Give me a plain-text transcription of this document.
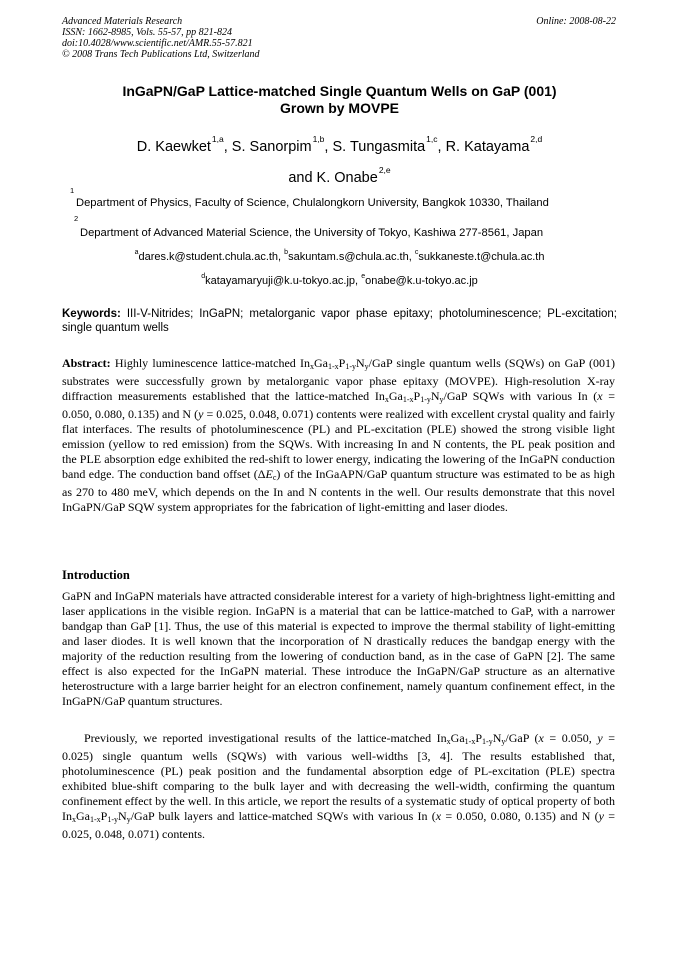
Advanced Materials Research
ISSN: 1662-8985, Vols. 55-57, pp 821-824
doi:10.4028/www.scientific.net/AMR.55-57.821
© 2008 Trans Tech Publications Ltd, Switzerland
Online: 2008-08-22
InGaPN/GaP Lattice-matched Single Quantum Wells on GaP (001)
Grown by MOVPE
D. Kaewket$^{1,a}$, S. Sanorpim$^{1,b}$, S. Tungasmita$^{1,c}$, R. Katayama$^{2,d}$
and K. Onabe$^{2,e}$
1
Department of Physics, Faculty of Science, Chulalongkorn University, Bangkok 10330, Thailand
2
Department of Advanced Material Science, the University of Tokyo, Kashiwa 277-8561, Japan
$^a$dares.k@student.chula.ac.th, $^b$sakuntam.s@chula.ac.th, $^c$sukkaneste.t@chula.ac.th
$^d$katayamaryuji@k.u-tokyo.ac.jp, $^e$onabe@k.u-tokyo.ac.jp
Keywords: III-V-Nitrides; InGaPN; metalorganic vapor phase epitaxy; photoluminescence; PL-excitation; single quantum wells
Abstract: Highly luminescence lattice-matched $In_xGa_{1-x}P_{1-y}N_y$/GaP single quantum wells (SQWs) on GaP (001) substrates were successfully grown by metalorganic vapor phase epitaxy (MOVPE). High-resolution X-ray diffraction measurements established that the lattice-matched $In_xGa_{1-x}P_{1-y}N_y$/GaP SQWs with various In (x = 0.050, 0.080, 0.135) and N (y = 0.025, 0.048, 0.071) contents were realized with excellent crystal quality and fairly flat interfaces. The results of photoluminescence (PL) and PL-excitation (PLE) showed the strong visible light emission (yellow to red emission) from the SQWs. With increasing In and N contents, the PL peak position and the PLE absorption edge exhibited the red-shift to lower energy, indicating the lowering of the InGaPN conduction band edge. The conduction band offset $(\Delta E_c)$ of the InGaAPN/GaP quantum structure was estimated to be as high as 270 to 480 meV, which depends on the In and N contents in the well. Our results demonstrate that this novel InGaPN/GaP SQW system appropriates for the fabrication of light-emitting and laser diodes.
Introduction
GaPN and InGaPN materials have attracted considerable interest for a variety of high-brightness light-emitting and laser applications in the visible region. InGaPN is a material that can be lattice-matched to GaP, with a narrower bandgap than GaP [1]. Thus, the use of this material is expected to improve the thermal stability of light-emitting and laser diodes. It is well known that the incorporation of N drastically reduces the bandgap energy with the majority of the reduction resulting from the lowering of conduction band, as in the case of GaPN [2]. The same effect is also expected for the InGaPN material. These introduce the InGaPN/GaP structure as an alternative heterostructure with a large barrier height for an electron confinement, namely quantum confinement effect, in the InGaPN/GaP quantum structures.
Previously, we reported investigational results of the lattice-matched $In_xGa_{1-x}P_{1-y}N_y$/GaP (x = 0.050, y = 0.025) single quantum wells (SQWs) with various well-widths [3, 4]. The results established that, photoluminescence (PL) peak position and the fundamental absorption edge of PL-excitation (PLE) spectra exhibited blue-shift comparing to the bulk layer and with decreasing the well-width, confirming the quantum confinement effect by the well. In this article, we report the results of a systematic study of optical property of both $In_xGa_{1-x}P_{1-y}N_y$/GaP bulk layers and lattice-matched SQWs with various In (x = 0.050, 0.080, 0.135) and N (y = 0.025, 0.048, 0.071) contents.
